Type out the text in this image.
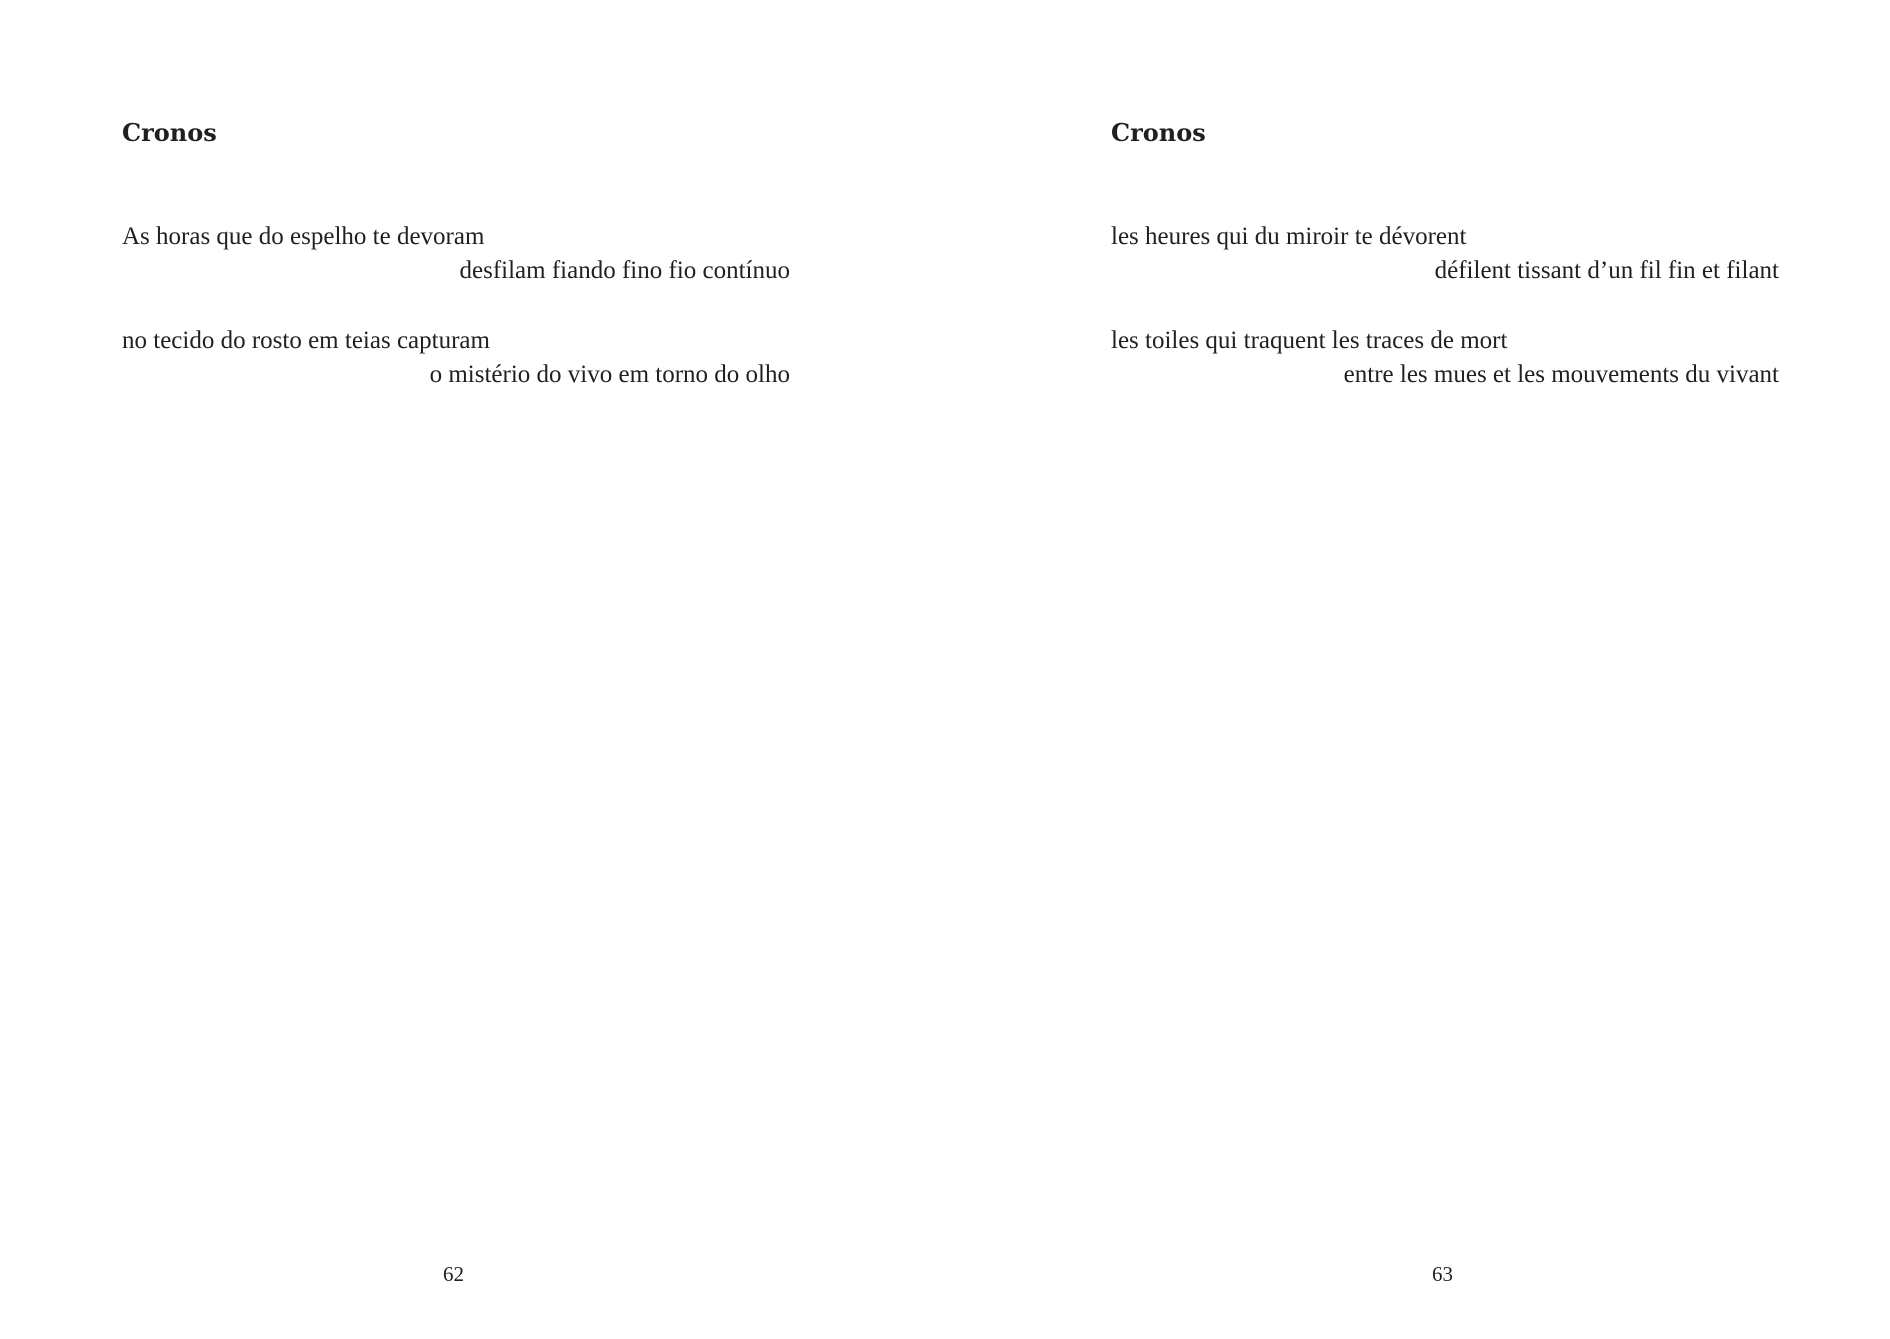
Cronos

As horas que do espelho te devoram
desfilam fiando fino fio contínuo

no tecido do rosto em teias capturam
o mistério do vivo em torno do olho

62
Cronos

les heures qui du miroir te dévorent
défilent tissant d’un fil fin et filant

les toiles qui traquent les traces de mort
entre les mues et les mouvements du vivant

63
